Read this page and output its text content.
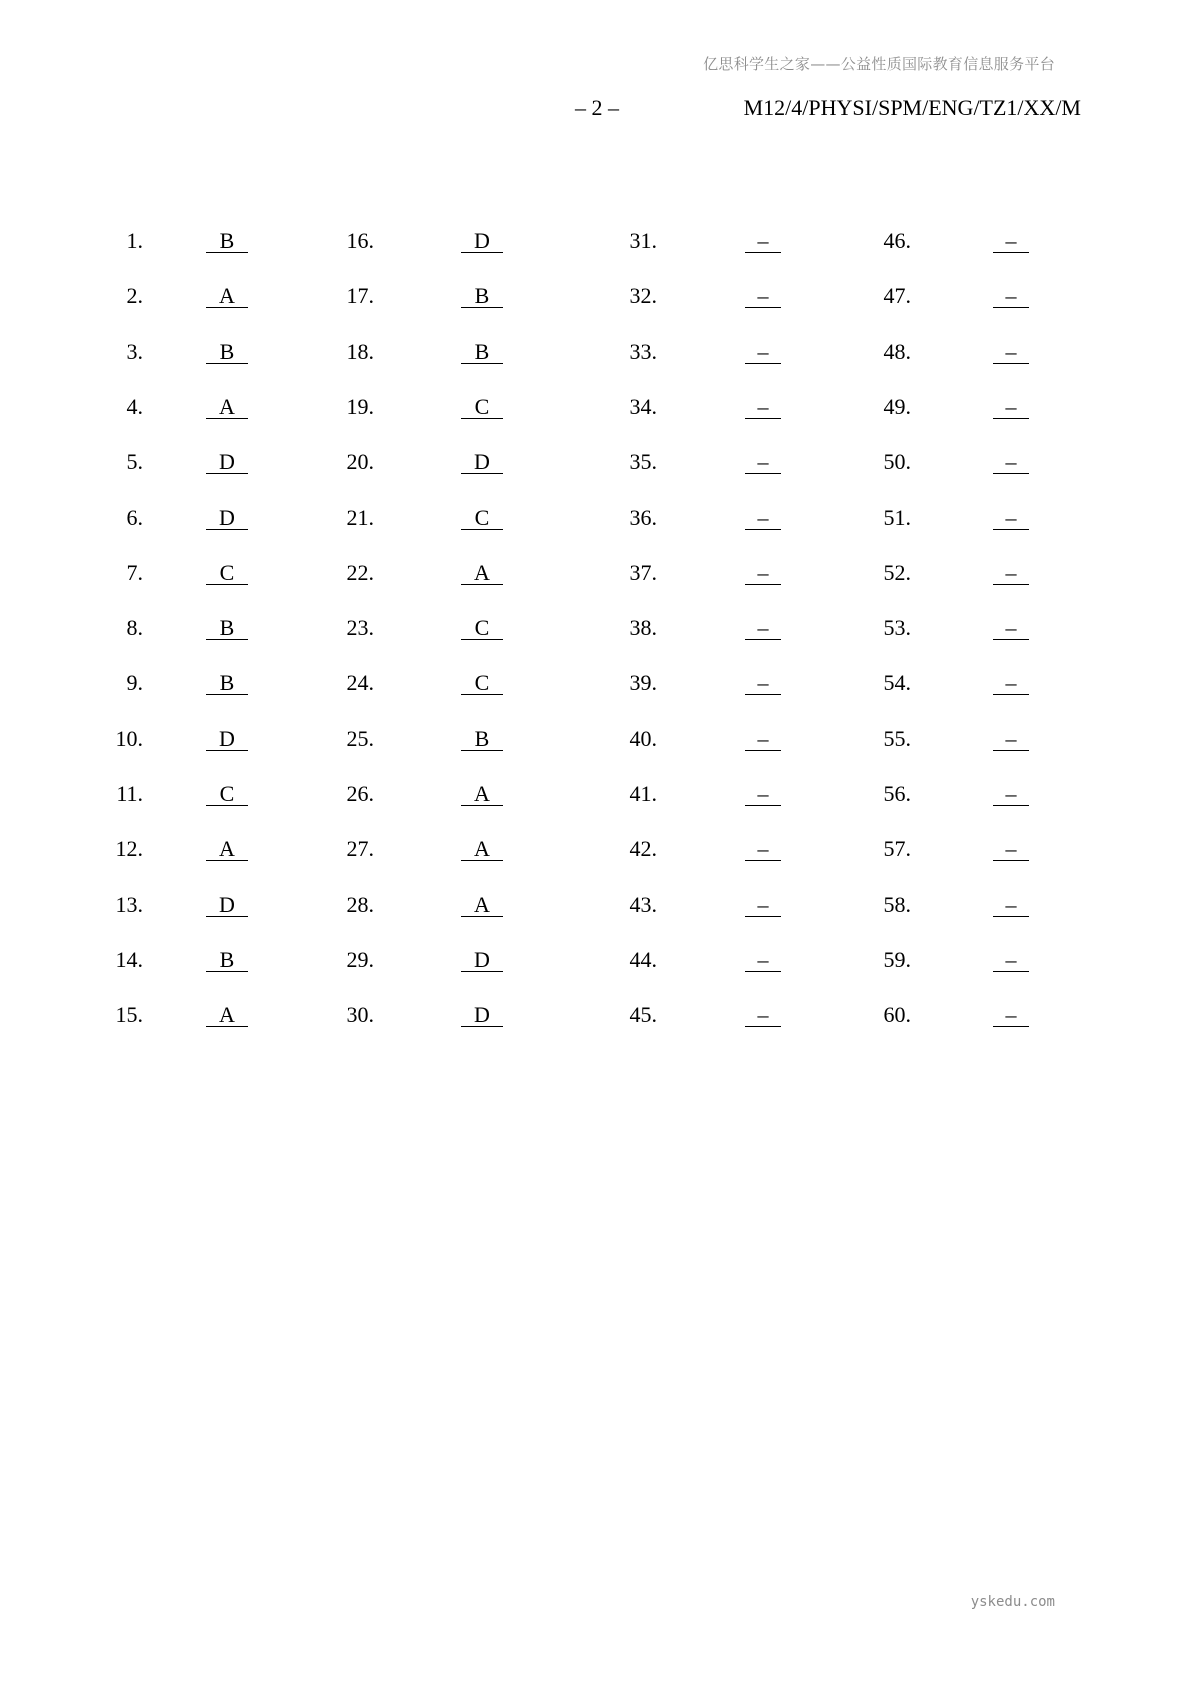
亿思科学生之家——公益性质国际教育信息服务平台
– 2 –	M12/4/PHYSI/SPM/ENG/TZ1/XX/M
1.	B	16.	D	31.	–	46.	–
2.	A	17.	B	32.	–	47.	–
3.	B	18.	B	33.	–	48.	–
4.	A	19.	C	34.	–	49.	–
5.	D	20.	D	35.	–	50.	–
6.	D	21.	C	36.	–	51.	–
7.	C	22.	A	37.	–	52.	–
8.	B	23.	C	38.	–	53.	–
9.	B	24.	C	39.	–	54.	–
10.	D	25.	B	40.	–	55.	–
11.	C	26.	A	41.	–	56.	–
12.	A	27.	A	42.	–	57.	–
13.	D	28.	A	43.	–	58.	–
14.	B	29.	D	44.	–	59.	–
15.	A	30.	D	45.	–	60.	–
yskedu.com
